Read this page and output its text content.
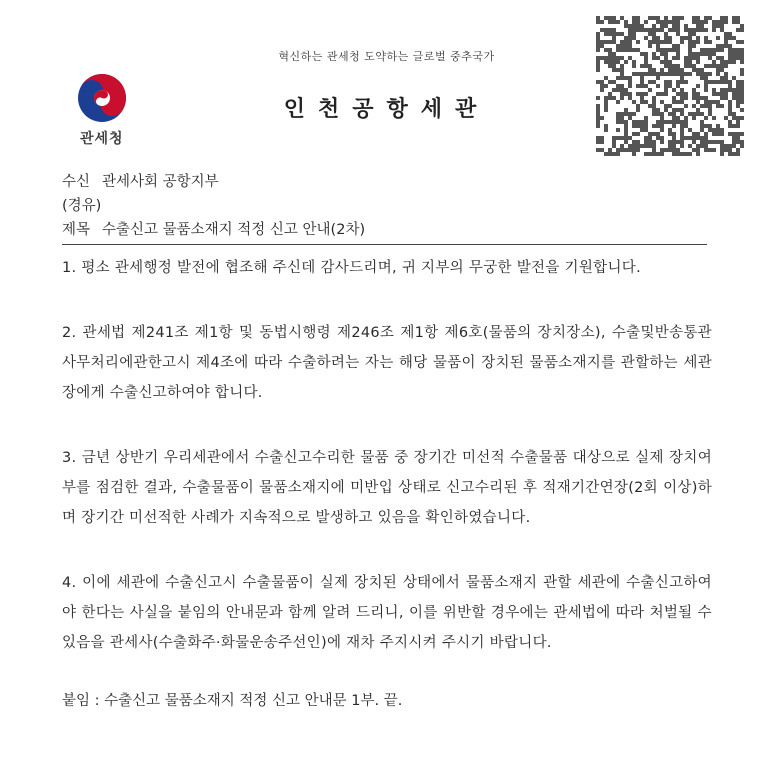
혁신하는 관세청 도약하는 글로벌 중추국가
관세청
인천공항세관
수신 관세사회 공항지부
(경유)
제목 수출신고 물품소재지 적정 신고 안내(2차)

1. 평소 관세행정 발전에 협조해 주신데 감사드리며, 귀 지부의 무궁한 발전을 기원합니다.

2. 관세법 제241조 제1항 및 동법시행령 제246조 제1항 제6호(물품의 장치장소), 수출및반송통관사무처리에관한고시 제4조에 따라 수출하려는 자는 해당 물품이 장치된 물품소재지를 관할하는 세관장에게 수출신고하여야 합니다.

3. 금년 상반기 우리세관에서 수출신고수리한 물품 중 장기간 미선적 수출물품 대상으로 실제 장치여부를 점검한 결과, 수출물품이 물품소재지에 미반입 상태로 신고수리된 후 적재기간연장(2회 이상)하며 장기간 미선적한 사례가 지속적으로 발생하고 있음을 확인하였습니다.

4. 이에 세관에 수출신고시 수출물품이 실제 장치된 상태에서 물품소재지 관할 세관에 수출신고하여야 한다는 사실을 붙임의 안내문과 함께 알려 드리니, 이를 위반할 경우에는 관세법에 따라 처벌될 수 있음을 관세사(수출화주·화물운송주선인)에 재차 주지시켜 주시기 바랍니다.

붙임 : 수출신고 물품소재지 적정 신고 안내문 1부. 끝.
